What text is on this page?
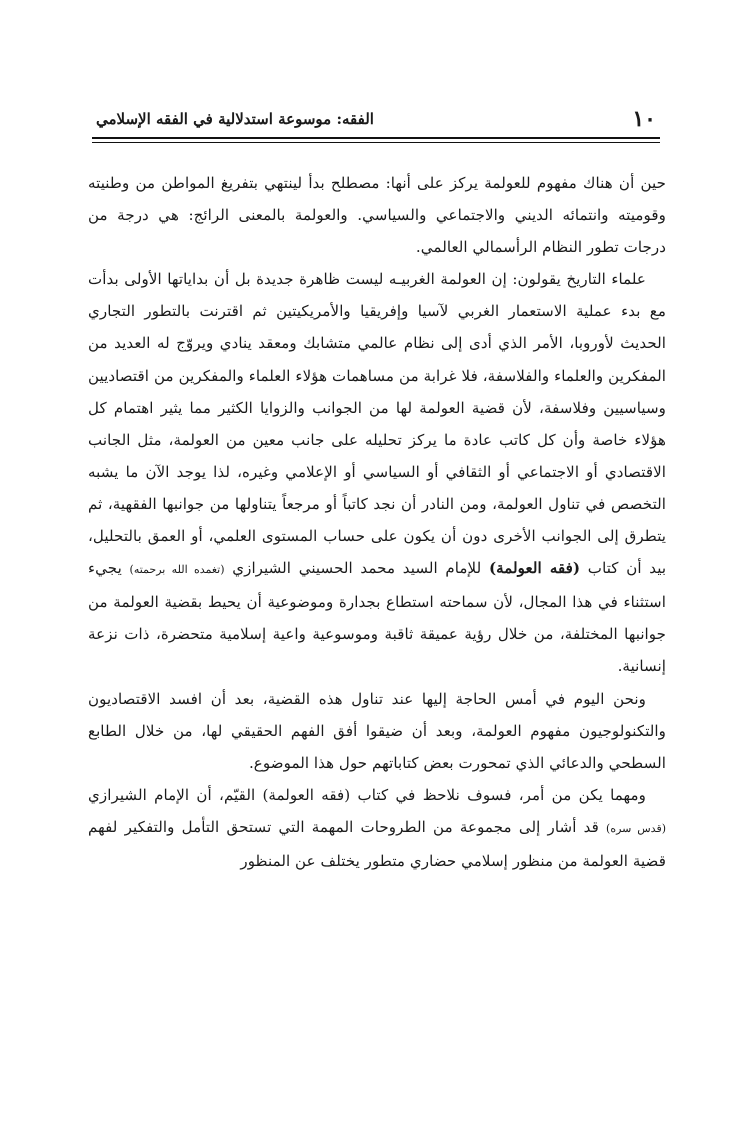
١٠
الفقه: موسوعة استدلالية في الفقه الإسلامي

حين أن هناك مفهوم للعولمة يركز على أنها: مصطلح بدأ لينتهي بتفريغ المواطن من وطنيته وقوميته وانتمائه الديني والاجتماعي والسياسي. والعولمة بالمعنى الرائج: هي درجة من درجات تطور النظام الرأسمالي العالمي.

علماء التاريخ يقولون: إن العولمة الغربيـه ليست ظاهرة جديدة بل أن بداياتها الأولى بدأت مع بدء عملية الاستعمار الغربي لآسيا وإفريقيا والأمريكيتين ثم اقترنت بالتطور التجاري الحديث لأوروبا، الأمر الذي أدى إلى نظام عالمي متشابك ومعقد ينادي ويروّج له العديد من المفكرين والعلماء والفلاسفة، فلا غرابة من مساهمات هؤلاء العلماء والمفكرين من اقتصاديين وسياسيين وفلاسفة، لأن قضية العولمة لها من الجوانب والزوايا الكثير مما يثير اهتمام كل هؤلاء خاصة وأن كل كاتب عادة ما يركز تحليله على جانب معين من العولمة، مثل الجانب الاقتصادي أو الاجتماعي أو الثقافي أو السياسي أو الإعلامي وغيره، لذا يوجد الآن ما يشبه التخصص في تناول العولمة، ومن النادر أن نجد كاتباً أو مرجعاً يتناولها من جوانبها الفقهية، ثم يتطرق إلى الجوانب الأخرى دون أن يكون على حساب المستوى العلمي، أو العمق بالتحليل، بيد أن كتاب (فقه العولمة) للإمام السيد محمد الحسيني الشيرازي (تغمده الله برحمته) يجيء استثناء في هذا المجال، لأن سماحته استطاع بجدارة وموضوعية أن يحيط بقضية العولمة من جوانبها المختلفة، من خلال رؤية عميقة ثاقبة وموسوعية واعية إسلامية متحضرة، ذات نزعة إنسانية.

ونحن اليوم في أمس الحاجة إليها عند تناول هذه القضية، بعد أن افسد الاقتصاديون والتكنولوجيون مفهوم العولمة، وبعد أن ضيقوا أفق الفهم الحقيقي لها، من خلال الطابع السطحي والدعائي الذي تمحورت بعض كتاباتهم حول هذا الموضوع.

ومهما يكن من أمر، فسوف نلاحظ في كتاب (فقه العولمة) القيّم، أن الإمام الشيرازي (قدس سره) قد أشار إلى مجموعة من الطروحات المهمة التي تستحق التأمل والتفكير لفهم قضية العولمة من منظور إسلامي حضاري متطور يختلف عن المنظور
